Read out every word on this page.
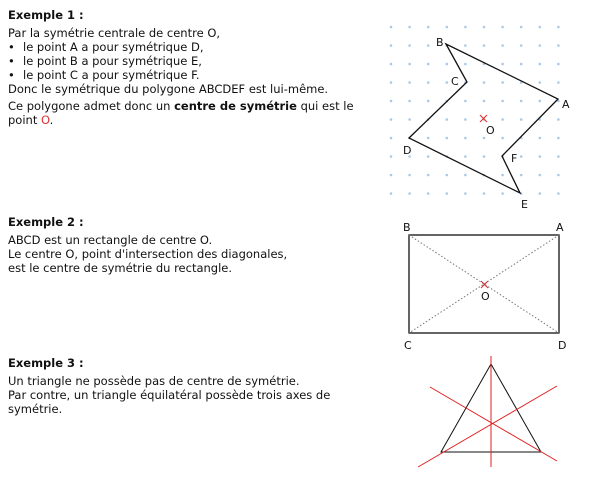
Exemple 1 :
Par la symétrie centrale de centre O,
• le point A a pour symétrique D,
• le point B a pour symétrique E,
• le point C a pour symétrique F.
Donc le symétrique du polygone ABCDEF est lui-même.
Ce polygone admet donc un centre de symétrie qui est le
point O.
B
C
A
O
D
F
E
Exemple 2 :
ABCD est un rectangle de centre O.
Le centre O, point d'intersection des diagonales,
est le centre de symétrie du rectangle.
B	A
O
C	D
Exemple 3 :
Un triangle ne possède pas de centre de symétrie.
Par contre, un triangle équilatéral possède trois axes de
symétrie.
